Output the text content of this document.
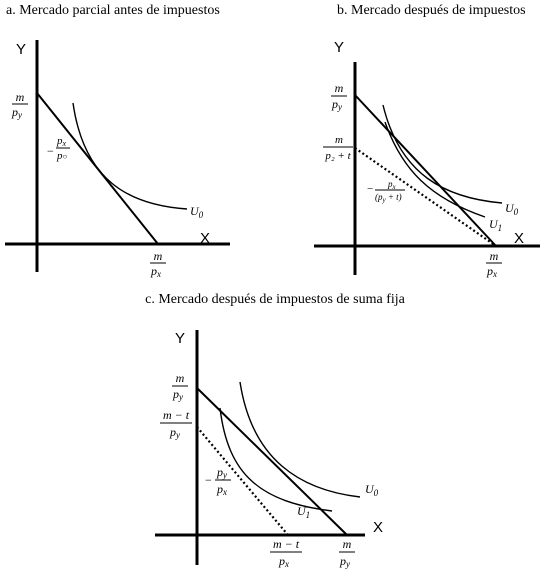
a. Mercado parcial antes de impuestos
Y
X
m
py
−
px
p○
m
px
$U_0$
b. Mercado después de impuestos
Y
X
m
py
m
p₂ + t
− $p_x$
$(p_y + t)$
$U_0$
$U_1$
m
px
c. Mercado después de impuestos de suma fija
Y
X
m
py
m − t
py
−
py
px
$U_1$
$U_0$
m − t
px
m
py
